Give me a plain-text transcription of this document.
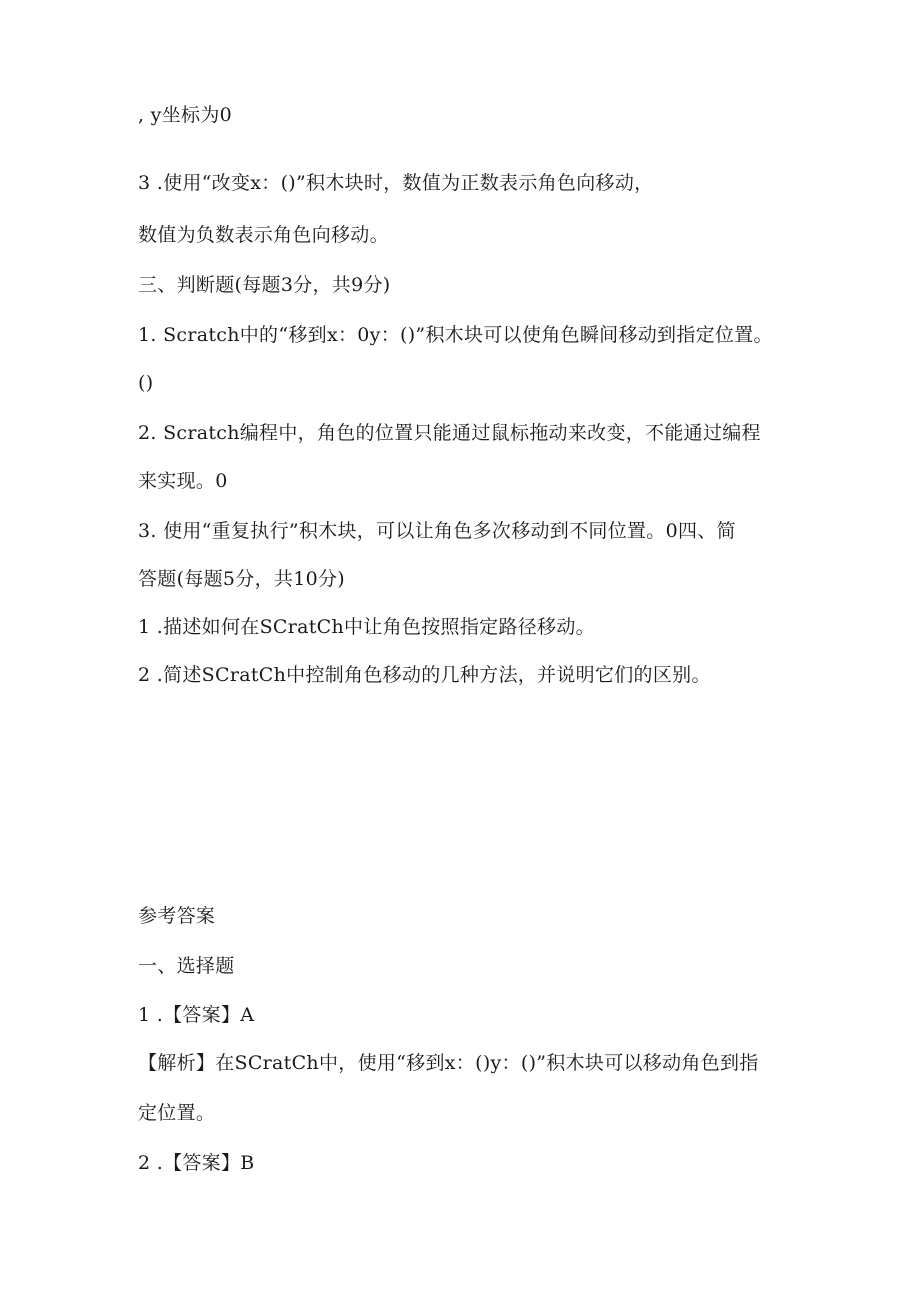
, y坐标为0
3 .使用“改变x：()”积木块时，数值为正数表示角色向移动，
数值为负数表示角色向移动。
三、判断题(每题3分，共9分)
1. Scratch中的“移到x：0y：()”积木块可以使角色瞬间移动到指定位置。
()
2. Scratch编程中，角色的位置只能通过鼠标拖动来改变，不能通过编程
来实现。0
3. 使用“重复执行”积木块，可以让角色多次移动到不同位置。0四、简
答题(每题5分，共10分)
1 .描述如何在SCratCh中让角色按照指定路径移动。
2 .简述SCratCh中控制角色移动的几种方法，并说明它们的区别。
参考答案
一、选择题
1 .【答案】A
【解析】在SCratCh中，使用“移到x：()y：()”积木块可以移动角色到指
定位置。
2 .【答案】B
